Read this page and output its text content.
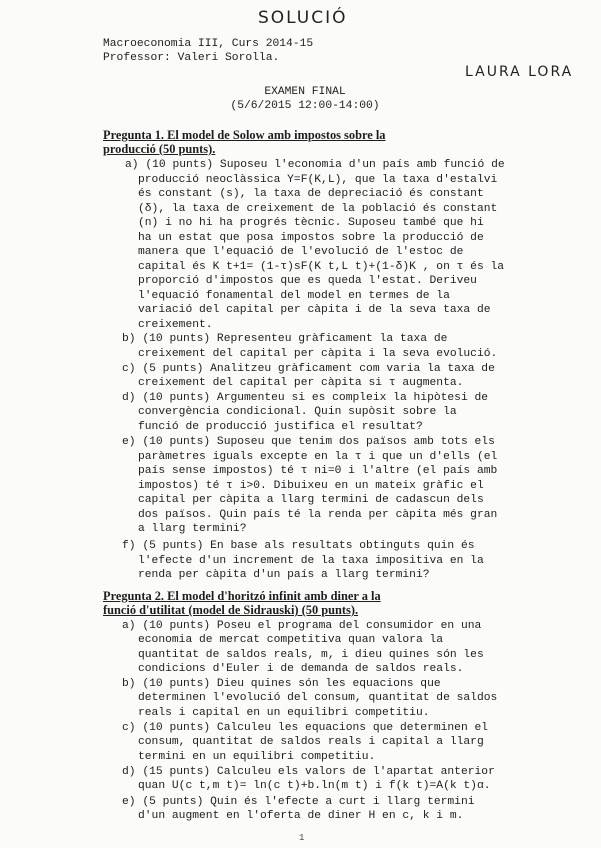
SOLUCIÓ
LAURA LORA
Macroeconomia III, Curs 2014-15
Professor: Valeri Sorolla.
EXAMEN FINAL
(5/6/2015 12:00-14:00)
Pregunta 1. El model de Solow amb impostos sobre la
producció (50 punts).
a) (10 punts) Suposeu l'economia d'un país amb funció de
producció neoclàssica Y=F(K,L), que la taxa d'estalvi
és constant (s), la taxa de depreciació és constant
(δ), la taxa de creixement de la població és constant
(n) i no hi ha progrés tècnic. Suposeu també que hi
ha un estat que posa impostos sobre la producció de
manera que l'equació de l'evolució de l'estoc de
capital és K t+1= (1-τ)sF(K t,L t)+(1-δ)K , on τ és la
proporció d'impostos que es queda l'estat. Deriveu
l'equació fonamental del model en termes de la
variació del capital per càpita i de la seva taxa de
creixement.
b) (10 punts) Representeu gràficament la taxa de
creixement del capital per càpita i la seva evolució.
c) (5 punts) Analitzeu gràficament com varia la taxa de
creixement del capital per càpita si τ augmenta.
d) (10 punts) Argumenteu si es compleix la hipòtesi de
convergència condicional. Quin supòsit sobre la
funció de producció justifica el resultat?
e) (10 punts) Suposeu que tenim dos països amb tots els
paràmetres iguals excepte en la τ i que un d'ells (el
país sense impostos) té τ ni=0 i l'altre (el país amb
impostos) té τ i>0. Dibuixeu en un mateix gràfic el
capital per càpita a llarg termini de cadascun dels
dos països. Quin país té la renda per càpita més gran
a llarg termini?
f) (5 punts) En base als resultats obtinguts quin és
l'efecte d'un increment de la taxa impositiva en la
renda per càpita d'un país a llarg termini?
Pregunta 2. El model d'horitzó infinit amb diner a la
funció d'utilitat (model de Sidrauski) (50 punts).
a) (10 punts) Poseu el programa del consumidor en una
economia de mercat competitiva quan valora la
quantitat de saldos reals, m, i dieu quines són les
condicions d'Euler i de demanda de saldos reals.
b) (10 punts) Dieu quines són les equacions que
determinen l'evolució del consum, quantitat de saldos
reals i capital en un equilibri competitiu.
c) (10 punts) Calculeu les equacions que determinen el
consum, quantitat de saldos reals i capital a llarg
termini en un equilibri competitiu.
d) (15 punts) Calculeu els valors de l'apartat anterior
quan U(c t,m t)= ln(c t)+b.ln(m t) i f(k t)=A(k t)α.
e) (5 punts) Quin és l'efecte a curt i llarg termini
d'un augment en l'oferta de diner H en c, k i m.
1
